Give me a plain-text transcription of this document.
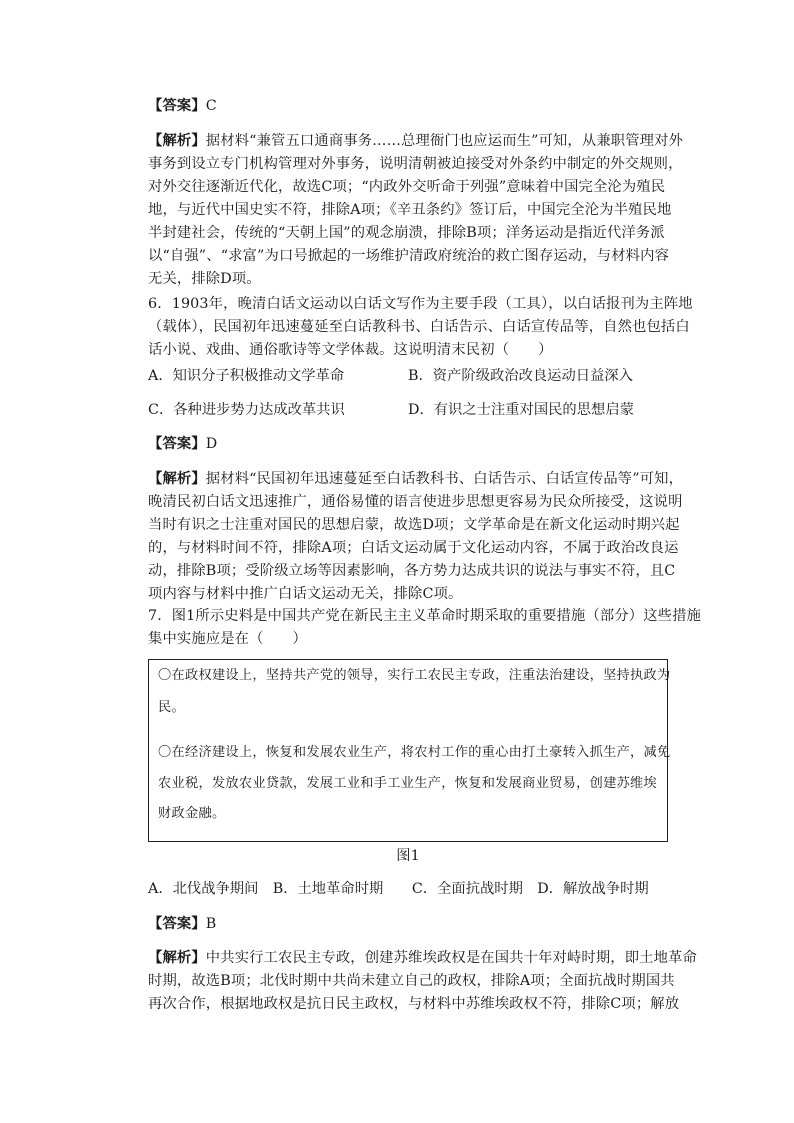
【答案】C
【解析】据材料“兼管五口通商事务……总理衙门也应运而生”可知，从兼职管理对外
事务到设立专门机构管理对外事务，说明清朝被迫接受对外条约中制定的外交规则，
对外交往逐渐近代化，故选C项；“内政外交听命于列强”意味着中国完全沦为殖民
地，与近代中国史实不符，排除A项；《辛丑条约》签订后，中国完全沦为半殖民地
半封建社会，传统的“天朝上国”的观念崩溃，排除B项；洋务运动是指近代洋务派
以“自强”、“求富”为口号掀起的一场维护清政府统治的救亡图存运动，与材料内容
无关，排除D项。
6．1903年，晚清白话文运动以白话文写作为主要手段（工具），以白话报刊为主阵地
（载体），民国初年迅速蔓延至白话教科书、白话告示、白话宣传品等，自然也包括白
话小说、戏曲、通俗歌诗等文学体裁。这说明清末民初（　　）
A．知识分子积极推动文学革命	B．资产阶级政治改良运动日益深入
C．各种进步势力达成改革共识	D．有识之士注重对国民的思想启蒙
【答案】D
【解析】据材料“民国初年迅速蔓延至白话教科书、白话告示、白话宣传品等”可知，
晚清民初白话文迅速推广，通俗易懂的语言使进步思想更容易为民众所接受，这说明
当时有识之士注重对国民的思想启蒙，故选D项；文学革命是在新文化运动时期兴起
的，与材料时间不符，排除A项；白话文运动属于文化运动内容，不属于政治改良运
动，排除B项；受阶级立场等因素影响，各方势力达成共识的说法与事实不符，且C
项内容与材料中推广白话文运动无关，排除C项。
7．图1所示史料是中国共产党在新民主主义革命时期采取的重要措施（部分）这些措施
集中实施应是在（　　）
〇在政权建设上，坚持共产党的领导，实行工农民主专政，注重法治建设，坚持执政为
民。
〇在经济建设上，恢复和发展农业生产，将农村工作的重心由打土豪转入抓生产，减免
农业税，发放农业贷款，发展工业和手工业生产，恢复和发展商业贸易，创建苏维埃
财政金融。
图1
A．北伐战争期间　B．土地革命时期　　C．全面抗战时期　D．解放战争时期
【答案】B
【解析】中共实行工农民主专政，创建苏维埃政权是在国共十年对峙时期，即土地革命
时期，故选B项；北伐时期中共尚未建立自己的政权，排除A项；全面抗战时期国共
再次合作，根据地政权是抗日民主政权，与材料中苏维埃政权不符，排除C项；解放
